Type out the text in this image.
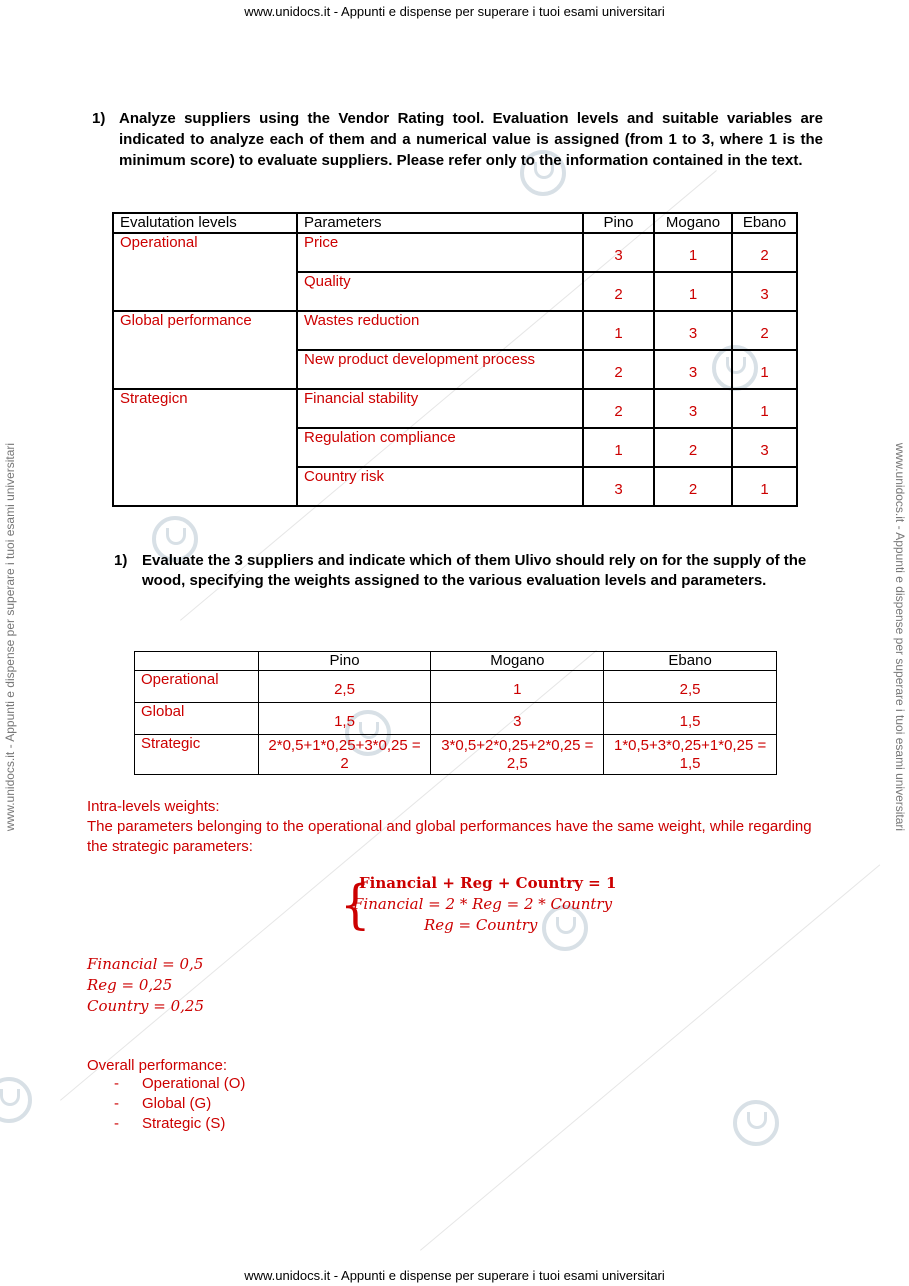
www.unidocs.it - Appunti e dispense per superare i tuoi esami universitari
www.unidocs.it - Appunti e dispense per superare i tuoi esami universitari
www.unidocs.it - Appunti e dispense per superare i tuoi esami universitari	www.unidocs.it - Appunti e dispense per superare i tuoi esami universitari
1) Analyze suppliers using the Vendor Rating tool. Evaluation levels and suitable variables are indicated to analyze each of them and a numerical value is assigned (from 1 to 3, where 1 is the minimum score) to evaluate suppliers. Please refer only to the information contained in the text.
Evalutation levels	Parameters	Pino	Mogano	Ebano
Operational	Price	3	1	2
	Quality	2	1	3
Global performance	Wastes reduction	1	3	2
	New product development process	2	3	1
Strategicn	Financial stability	2	3	1
	Regulation compliance	1	2	3
	Country risk	3	2	1
1) Evaluate the 3 suppliers and indicate which of them Ulivo should rely on for the supply of the wood, specifying the weights assigned to the various evaluation levels and parameters.
	Pino	Mogano	Ebano
Operational	2,5	1	2,5
Global	1,5	3	1,5
Strategic	2*0,5+1*0,25+3*0,25 = 2	3*0,5+2*0,25+2*0,25 = 2,5	1*0,5+3*0,25+1*0,25 = 1,5
Intra-levels weights:
The parameters belonging to the operational and global performances have the same weight, while regarding the strategic parameters:
{
Financial + Reg + Country = 1
Financial = 2 * Reg = 2 * Country
Reg = Country
Financial = 0,5
Reg = 0,25
Country = 0,25
Overall performance:
- Operational (O)
- Global (G)
- Strategic (S)
